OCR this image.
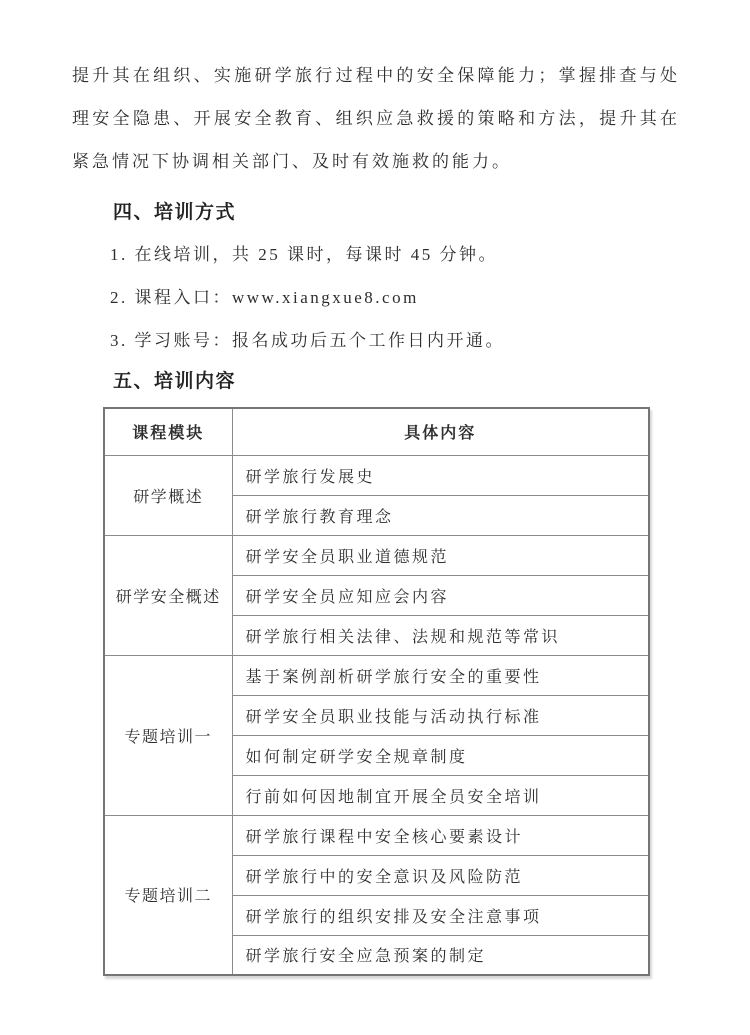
提升其在组织、实施研学旅行过程中的安全保障能力；掌握排查与处理安全隐患、开展安全教育、组织应急救援的策略和方法，提升其在紧急情况下协调相关部门、及时有效施救的能力。

四、培训方式
1. 在线培训，共 25 课时，每课时 45 分钟。
2. 课程入口：www.xiangxue8.com
3. 学习账号：报名成功后五个工作日内开通。
五、培训内容
课程模块	具体内容
研学概述	研学旅行发展史
	研学旅行教育理念
研学安全概述	研学安全员职业道德规范
	研学安全员应知应会内容
	研学旅行相关法律、法规和规范等常识
专题培训一	基于案例剖析研学旅行安全的重要性
	研学安全员职业技能与活动执行标准
	如何制定研学安全规章制度
	行前如何因地制宜开展全员安全培训
专题培训二	研学旅行课程中安全核心要素设计
	研学旅行中的安全意识及风险防范
	研学旅行的组织安排及安全注意事项
	研学旅行安全应急预案的制定
